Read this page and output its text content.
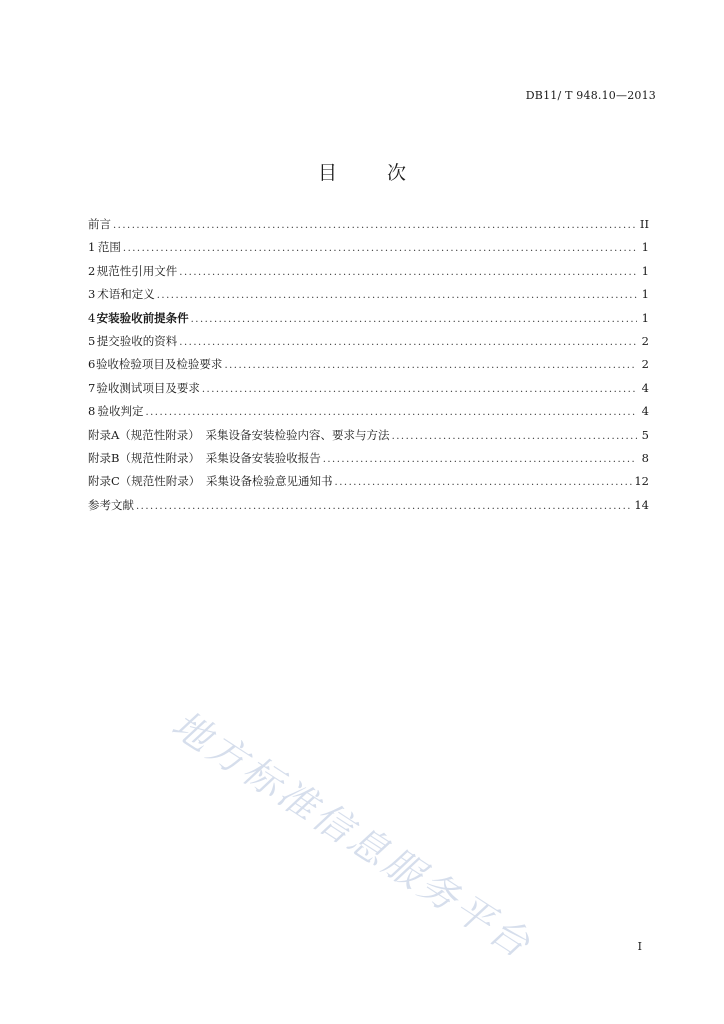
DB11/ T 948.10—2013
目 次
前言 .....	II
1 范围 .....	1
2 规范性引用文件 .....	1
3 术语和定义 .....	1
4 安装验收前提条件 .....	1
5 提交验收的资料 .....	2
6 验收检验项目及检验要求 .....	2
7 验收测试项目及要求 .....	4
8 验收判定 .....	4
附录A（规范性附录）　采集设备安装检验内容、要求与方法 .....	5
附录B（规范性附录）　采集设备安装验收报告 .....	8
附录C（规范性附录）　采集设备检验意见通知书 .....	12
参考文献 .....	14
地方标准信息服务平台	I
